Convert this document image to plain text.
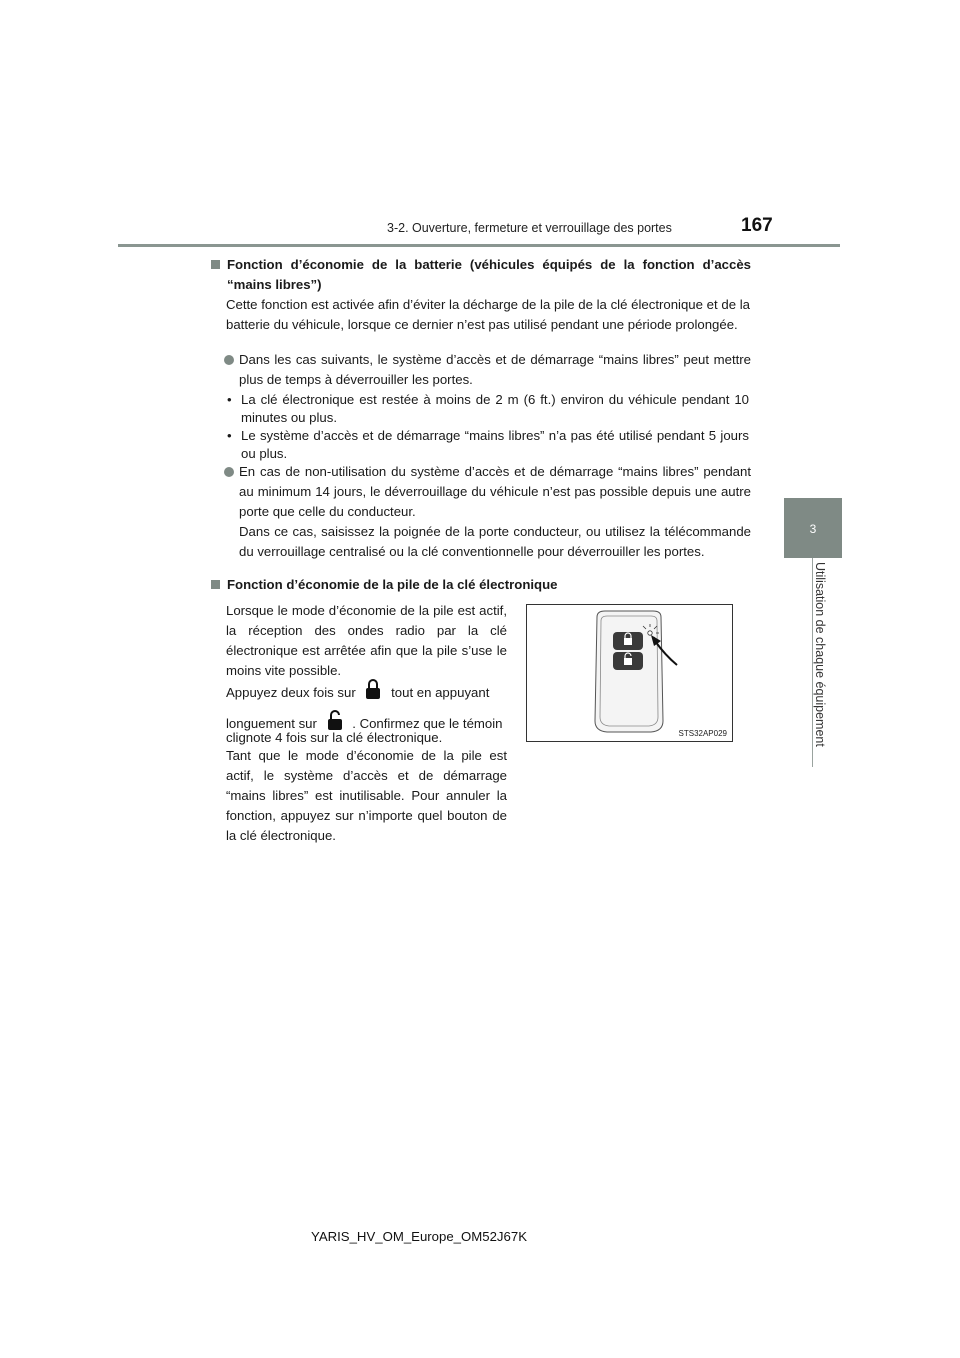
3-2. Ouverture, fermeture et verrouillage des portes	167
3
Utilisation de chaque équipement
Fonction d’économie de la batterie (véhicules équipés de la fonction d’accès “mains libres”)
Cette fonction est activée afin d’éviter la décharge de la pile de la clé électronique et de la batterie du véhicule, lorsque ce dernier n’est pas utilisé pendant une période prolongée.
Dans les cas suivants, le système d’accès et de démarrage “mains libres” peut mettre plus de temps à déverrouiller les portes.
• La clé électronique est restée à moins de 2 m (6 ft.) environ du véhicule pendant 10 minutes ou plus.
• Le système d’accès et de démarrage “mains libres” n’a pas été utilisé pendant 5 jours ou plus.
En cas de non-utilisation du système d’accès et de démarrage “mains libres” pendant au minimum 14 jours, le déverrouillage du véhicule n’est pas possible depuis une autre porte que celle du conducteur.
Dans ce cas, saisissez la poignée de la porte conducteur, ou utilisez la télécommande du verrouillage centralisé ou la clé conventionnelle pour déverrouiller les portes.
Fonction d’économie de la pile de la clé électronique
Lorsque le mode d’économie de la pile est actif, la réception des ondes radio par la clé électronique est arrêtée afin que la pile s’use le moins vite possible.
Appuyez deux fois sur	tout en appuyant
longuement sur	. Confirmez que le témoin
clignote 4 fois sur la clé électronique.
Tant que le mode d’économie de la pile est actif, le système d’accès et de démarrage “mains libres” est inutilisable. Pour annuler la fonction, appuyez sur n’importe quel bouton de la clé électronique.
STS32AP029
YARIS_HV_OM_Europe_OM52J67K
